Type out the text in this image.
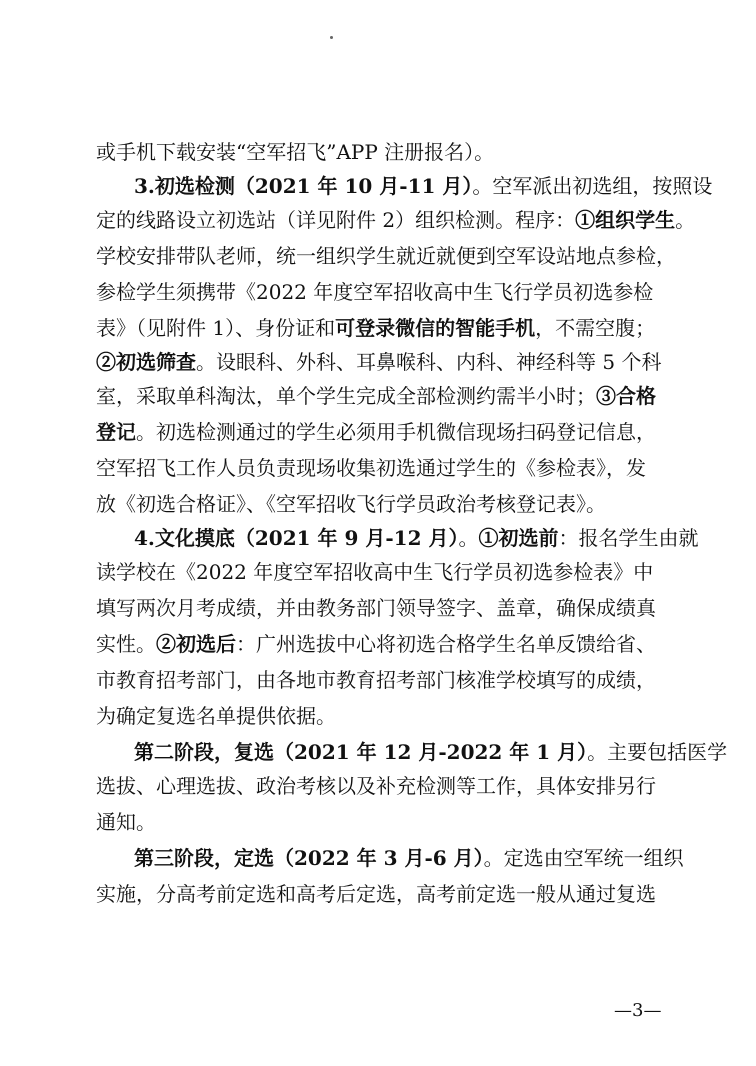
或手机下载安装“空军招飞”APP 注册报名）。
3.初选检测（2021 年 10 月-11 月）。空军派出初选组，按照设
定的线路设立初选站（详见附件 2）组织检测。程序：①组织学生。
学校安排带队老师，统一组织学生就近就便到空军设站地点参检，
参检学生须携带《2022 年度空军招收高中生飞行学员初选参检
表》（见附件 1）、身份证和可登录微信的智能手机，不需空腹；
②初选筛查。设眼科、外科、耳鼻喉科、内科、神经科等 5 个科
室，采取单科淘汰，单个学生完成全部检测约需半小时；③合格
登记。初选检测通过的学生必须用手机微信现场扫码登记信息，
空军招飞工作人员负责现场收集初选通过学生的《参检表》，发
放《初选合格证》、《空军招收飞行学员政治考核登记表》。
4.文化摸底（2021 年 9 月-12 月）。①初选前：报名学生由就
读学校在《2022 年度空军招收高中生飞行学员初选参检表》中
填写两次月考成绩，并由教务部门领导签字、盖章，确保成绩真
实性。②初选后：广州选拔中心将初选合格学生名单反馈给省、
市教育招考部门，由各地市教育招考部门核准学校填写的成绩，
为确定复选名单提供依据。
第二阶段，复选（2021 年 12 月-2022 年 1 月）。主要包括医学
选拔、心理选拔、政治考核以及补充检测等工作，具体安排另行
通知。
第三阶段，定选（2022 年 3 月-6 月）。定选由空军统一组织
实施，分高考前定选和高考后定选，高考前定选一般从通过复选
—3—
